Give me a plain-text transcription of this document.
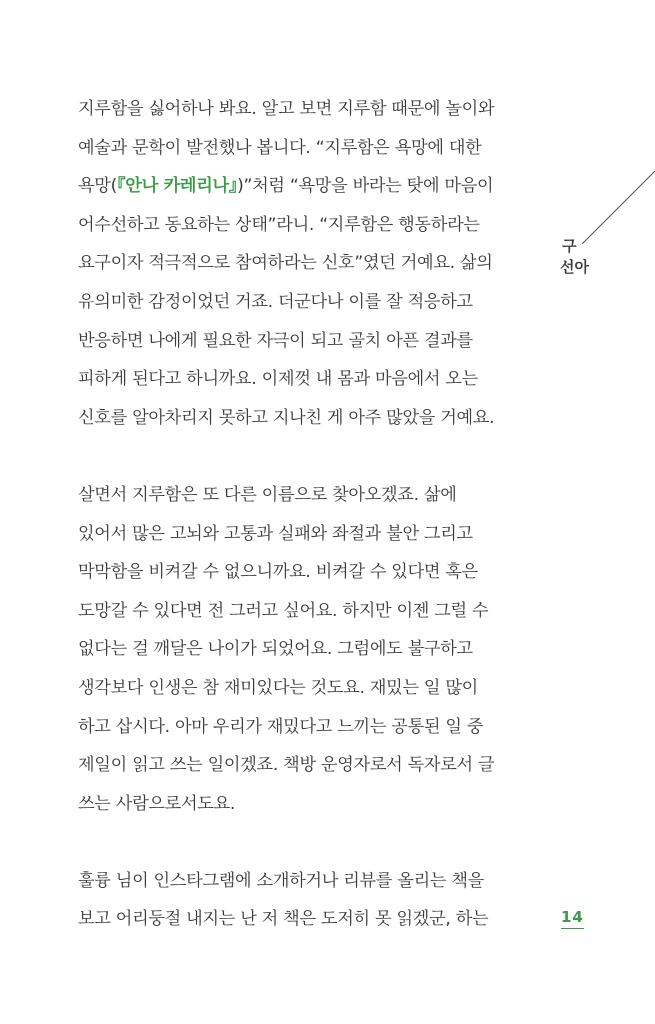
지루함을 싫어하나 봐요. 알고 보면 지루함 때문에 놀이와
예술과 문학이 발전했나 봅니다. “지루함은 욕망에 대한
욕망(『안나 카레리나』)”처럼 “욕망을 바라는 탓에 마음이
어수선하고 동요하는 상태”라니. “지루함은 행동하라는
요구이자 적극적으로 참여하라는 신호”였던 거예요. 삶의
유의미한 감정이었던 거죠. 더군다나 이를 잘 적응하고
반응하면 나에게 필요한 자극이 되고 골치 아픈 결과를
피하게 된다고 하니까요. 이제껏 내 몸과 마음에서 오는
신호를 알아차리지 못하고 지나친 게 아주 많았을 거예요.
살면서 지루함은 또 다른 이름으로 찾아오겠죠. 삶에
있어서 많은 고뇌와 고통과 실패와 좌절과 불안 그리고
막막함을 비켜갈 수 없으니까요. 비켜갈 수 있다면 혹은
도망갈 수 있다면 전 그러고 싶어요. 하지만 이젠 그럴 수
없다는 걸 깨달은 나이가 되었어요. 그럼에도 불구하고
생각보다 인생은 참 재미있다는 것도요. 재밌는 일 많이
하고 삽시다. 아마 우리가 재밌다고 느끼는 공통된 일 중
제일이 읽고 쓰는 일이겠죠. 책방 운영자로서 독자로서 글
쓰는 사람으로서도요.
훌륭 님이 인스타그램에 소개하거나 리뷰를 올리는 책을
보고 어리둥절 내지는 난 저 책은 도저히 못 읽겠군, 하는
구
선아
14
